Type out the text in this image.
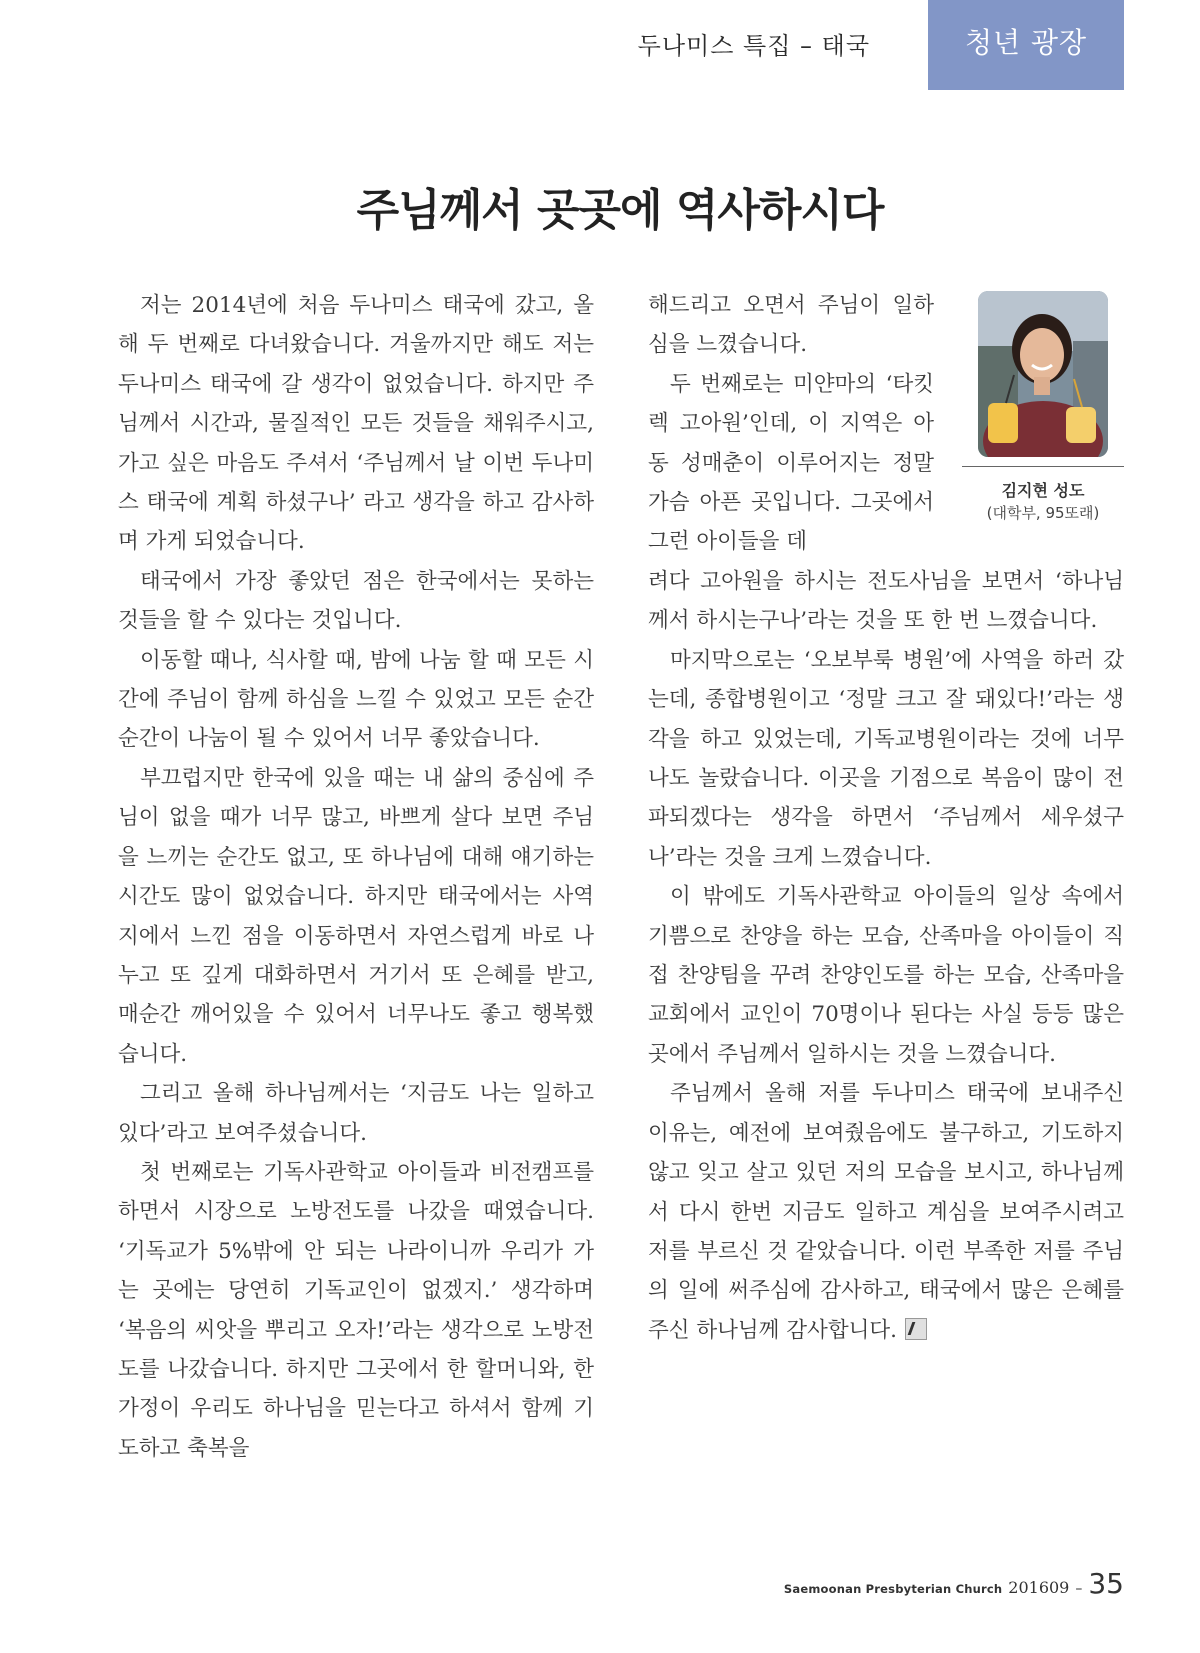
두나미스 특집 – 태국	청년 광장
주님께서 곳곳에 역사하시다

저는 2014년에 처음 두나미스 태국에 갔고, 올해 두 번째로 다녀왔습니다. 겨울까지만 해도 저는 두나미스 태국에 갈 생각이 없었습니다. 하지만 주님께서 시간과, 물질적인 모든 것들을 채워주시고, 가고 싶은 마음도 주셔서 ‘주님께서 날 이번 두나미스 태국에 계획 하셨구나’ 라고 생각을 하고 감사하며 가게 되었습니다.

태국에서 가장 좋았던 점은 한국에서는 못하는 것들을 할 수 있다는 것입니다.

이동할 때나, 식사할 때, 밤에 나눔 할 때 모든 시간에 주님이 함께 하심을 느낄 수 있었고 모든 순간순간이 나눔이 될 수 있어서 너무 좋았습니다.

부끄럽지만 한국에 있을 때는 내 삶의 중심에 주님이 없을 때가 너무 많고, 바쁘게 살다 보면 주님을 느끼는 순간도 없고, 또 하나님에 대해 얘기하는 시간도 많이 없었습니다. 하지만 태국에서는 사역지에서 느낀 점을 이동하면서 자연스럽게 바로 나누고 또 깊게 대화하면서 거기서 또 은혜를 받고, 매순간 깨어있을 수 있어서 너무나도 좋고 행복했습니다.

그리고 올해 하나님께서는 ‘지금도 나는 일하고 있다’라고 보여주셨습니다.

첫 번째로는 기독사관학교 아이들과 비전캠프를 하면서 시장으로 노방전도를 나갔을 때였습니다. ‘기독교가 5%밖에 안 되는 나라이니까 우리가 가는 곳에는 당연히 기독교인이 없겠지.’ 생각하며 ‘복음의 씨앗을 뿌리고 오자!’라는 생각으로 노방전도를 나갔습니다. 하지만 그곳에서 한 할머니와, 한 가정이 우리도 하나님을 믿는다고 하셔서 함께 기도하고 축복을

해드리고 오면서 주님이 일하심을 느꼈습니다.

두 번째로는 미얀마의 ‘타킷렉 고아원’인데, 이 지역은 아동 성매춘이 이루어지는 정말 가슴 아픈 곳입니다. 그곳에서 그런 아이들을 데

김지현 성도
(대학부, 95또래)

려다 고아원을 하시는 전도사님을 보면서 ‘하나님께서 하시는구나’라는 것을 또 한 번 느꼈습니다.

마지막으로는 ‘오보부룩 병원’에 사역을 하러 갔는데, 종합병원이고 ‘정말 크고 잘 돼있다!’라는 생각을 하고 있었는데, 기독교병원이라는 것에 너무나도 놀랐습니다. 이곳을 기점으로 복음이 많이 전파되겠다는 생각을 하면서 ‘주님께서 세우셨구나’라는 것을 크게 느꼈습니다.

이 밖에도 기독사관학교 아이들의 일상 속에서 기쁨으로 찬양을 하는 모습, 산족마을 아이들이 직접 찬양팀을 꾸려 찬양인도를 하는 모습, 산족마을 교회에서 교인이 70명이나 된다는 사실 등등 많은 곳에서 주님께서 일하시는 것을 느꼈습니다.

주님께서 올해 저를 두나미스 태국에 보내주신 이유는, 예전에 보여줬음에도 불구하고, 기도하지 않고 잊고 살고 있던 저의 모습을 보시고, 하나님께서 다시 한번 지금도 일하고 계심을 보여주시려고 저를 부르신 것 같았습니다. 이런 부족한 저를 주님의 일에 써주심에 감사하고, 태국에서 많은 은혜를 주신 하나님께 감사합니다.

Saemoonan Presbyterian Church 201609 – 35
